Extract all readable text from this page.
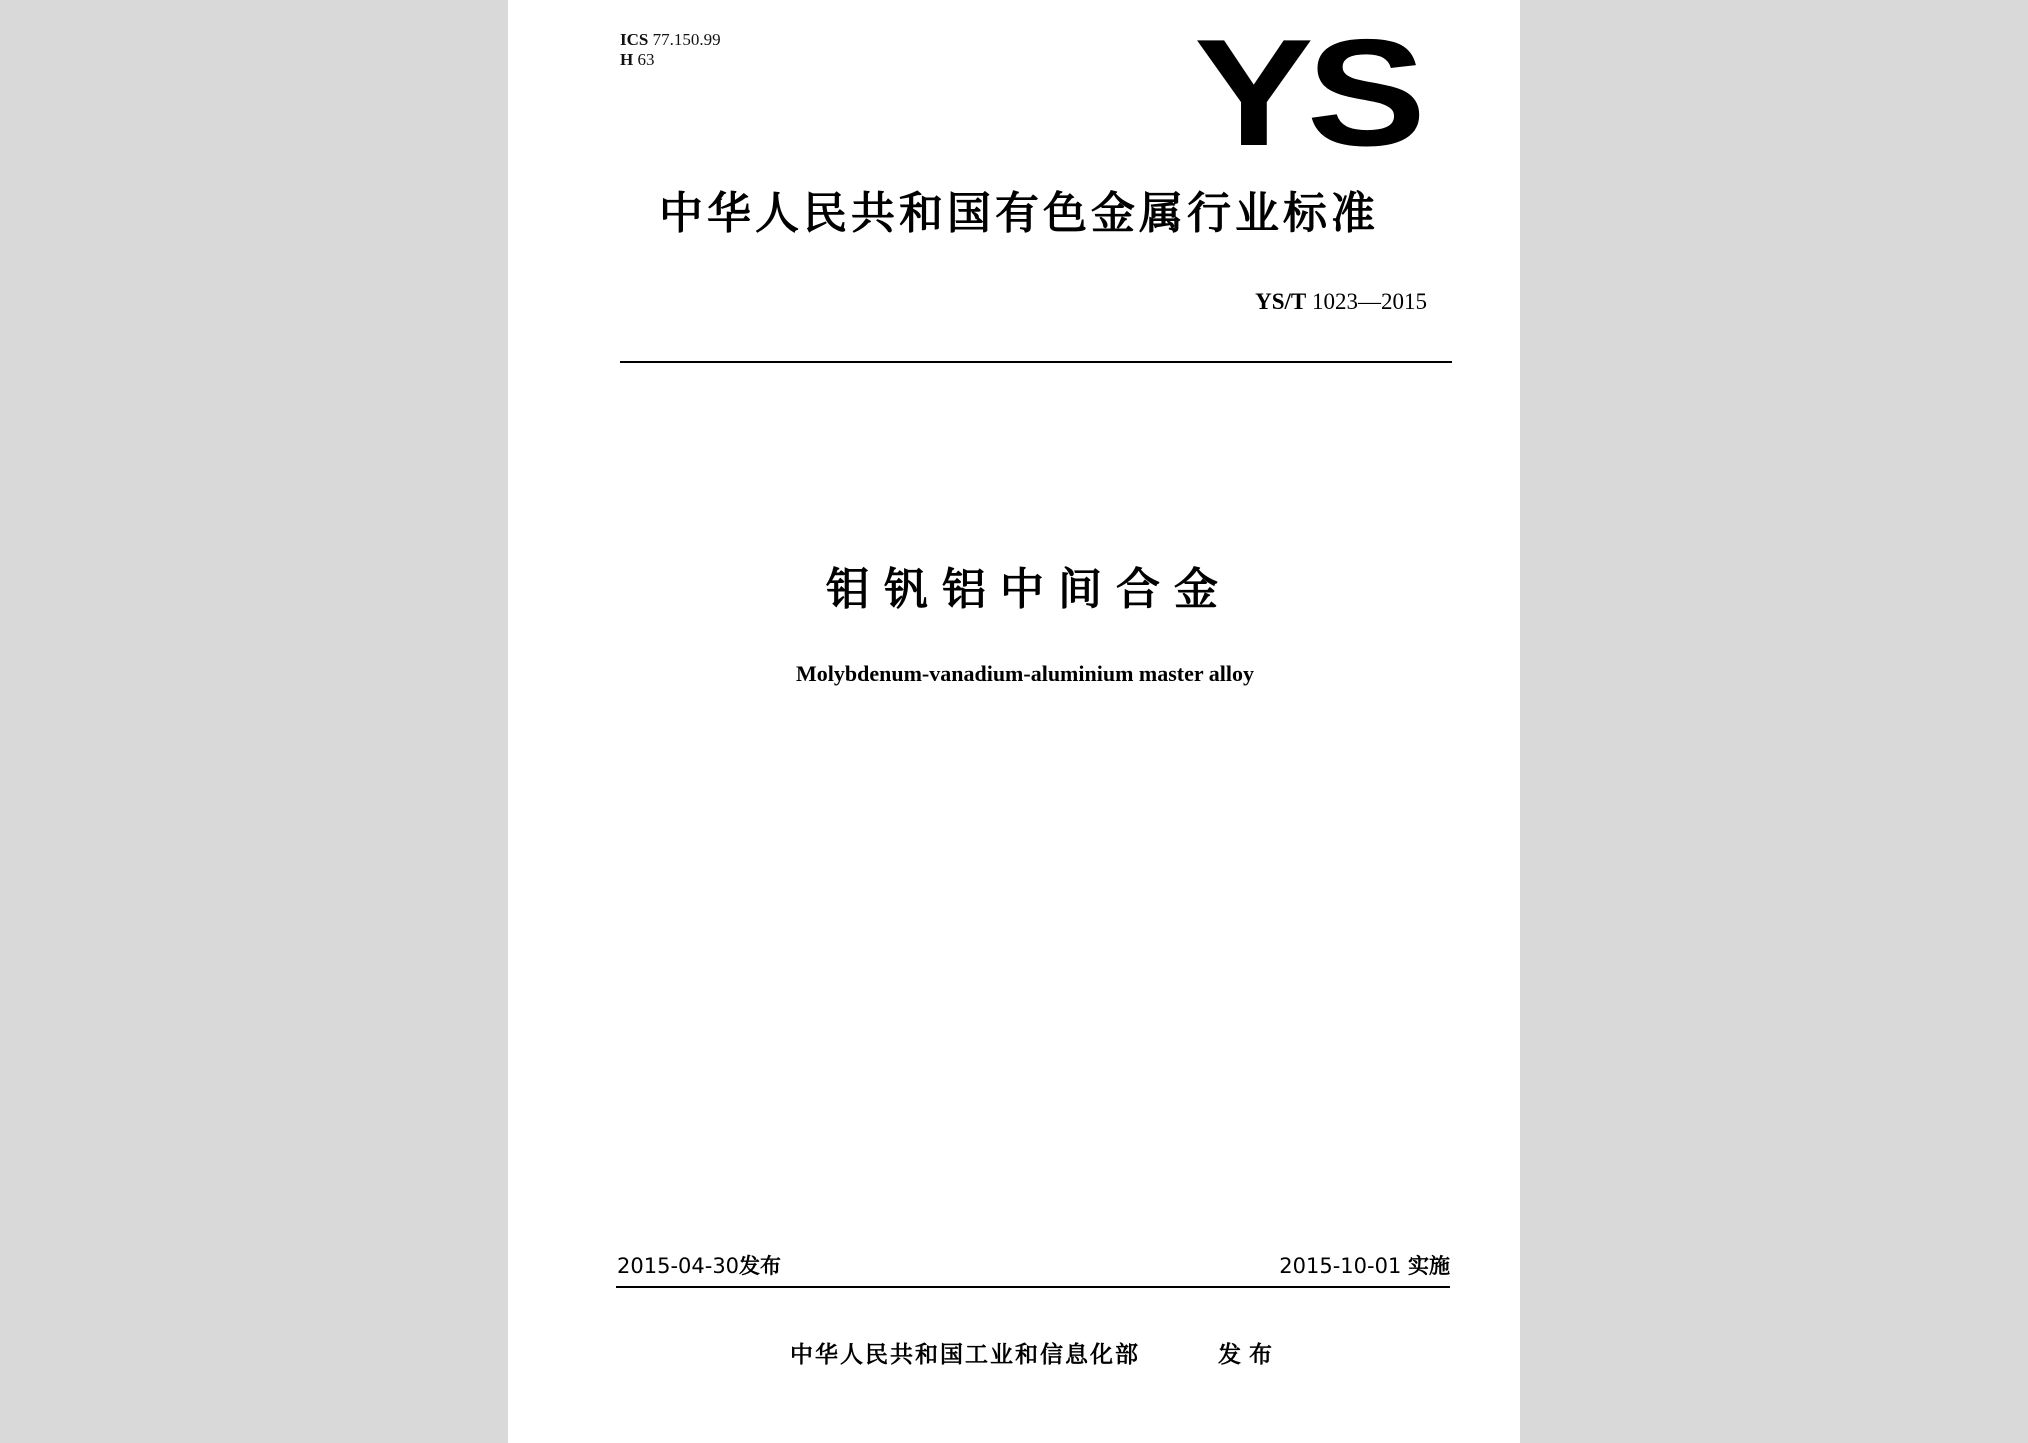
ICS 77.150.99
H 63	YS
中华人民共和国有色金属行业标准
YS/T 1023—2015
钼钒铝中间合金
Molybdenum-vanadium-aluminium master alloy
2015-04-30发布	2015-10-01 实施
中华人民共和国工业和信息化部	发布
